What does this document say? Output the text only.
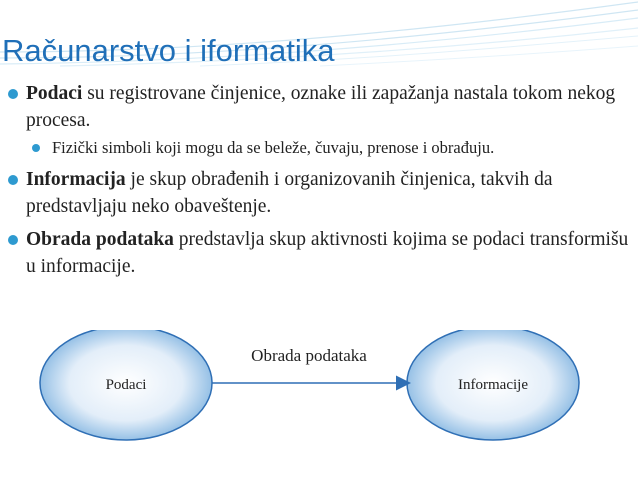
Računarstvo i iformatika
Podaci su registrovane činjenice, oznake ili zapažanja nastala tokom nekog procesa.
Fizički simboli koji mogu da se beleže, čuvaju, prenose i obrađuju.
Informacija je skup obrađenih i organizovanih činjenica, takvih da predstavljaju neko obaveštenje.
Obrada podataka predstavlja skup aktivnosti kojima se podaci transformišu u informacije.
Obrada podataka
Podaci	Informacije
